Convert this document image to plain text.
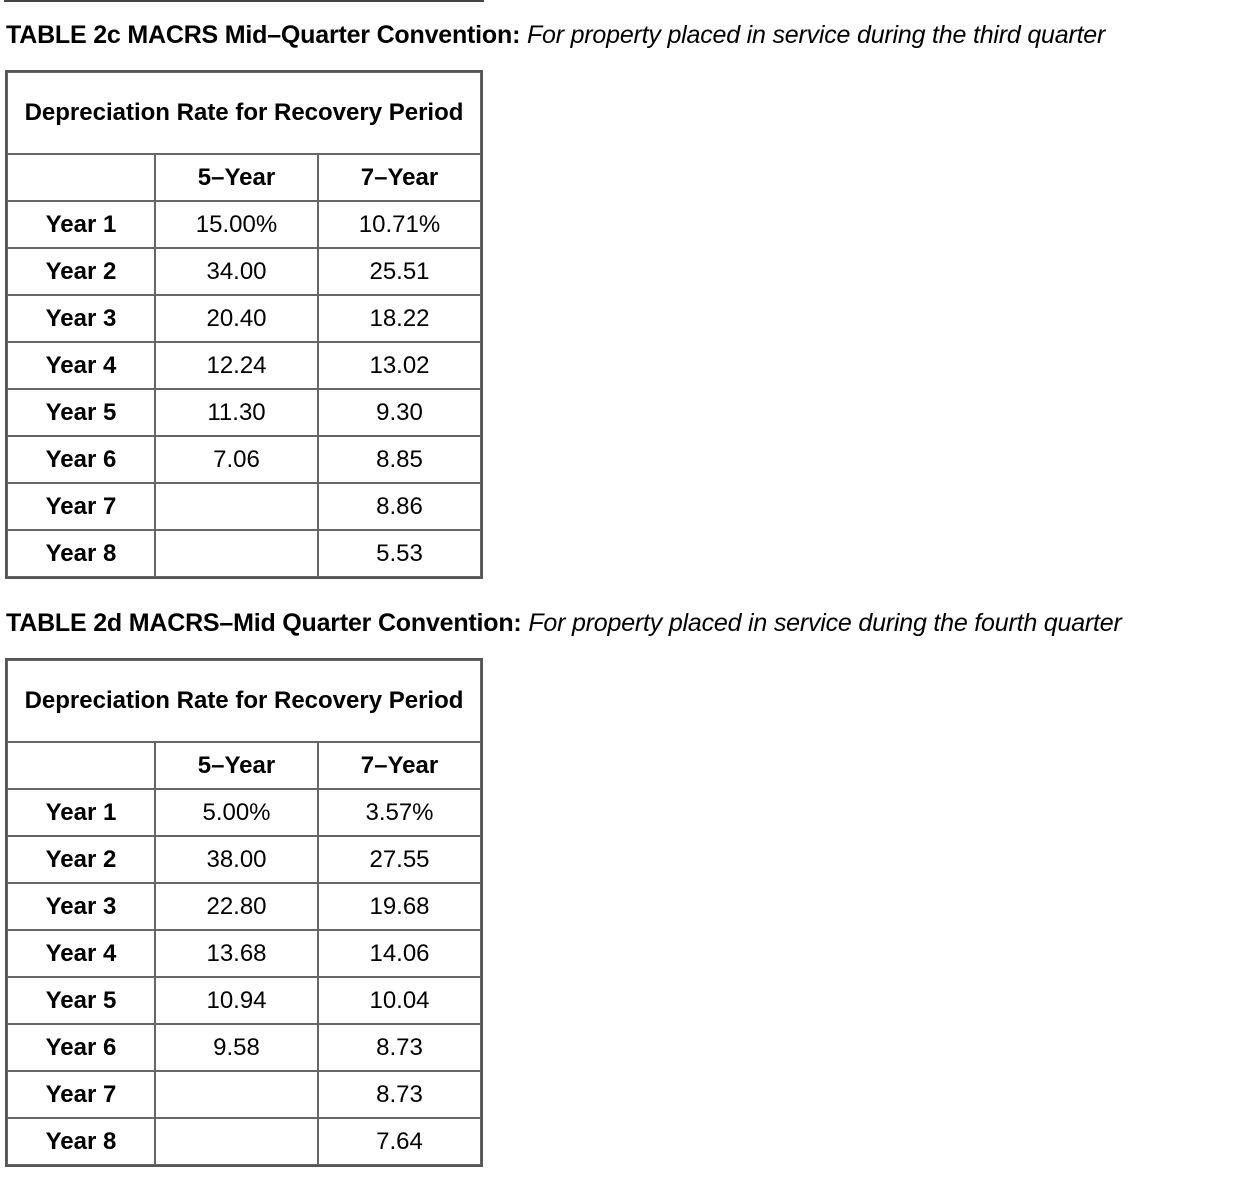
TABLE 2c MACRS Mid–Quarter Convention: For property placed in service during the third quarter
Depreciation Rate for Recovery Period		
	5–Year	7–Year
Year 1	15.00%	10.71%
Year 2	34.00	25.51
Year 3	20.40	18.22
Year 4	12.24	13.02
Year 5	11.30	9.30
Year 6	7.06	8.85
Year 7		8.86
Year 8		5.53
TABLE 2d MACRS–Mid Quarter Convention: For property placed in service during the fourth quarter
Depreciation Rate for Recovery Period		
	5–Year	7–Year
Year 1	5.00%	3.57%
Year 2	38.00	27.55
Year 3	22.80	19.68
Year 4	13.68	14.06
Year 5	10.94	10.04
Year 6	9.58	8.73
Year 7		8.73
Year 8		7.64
